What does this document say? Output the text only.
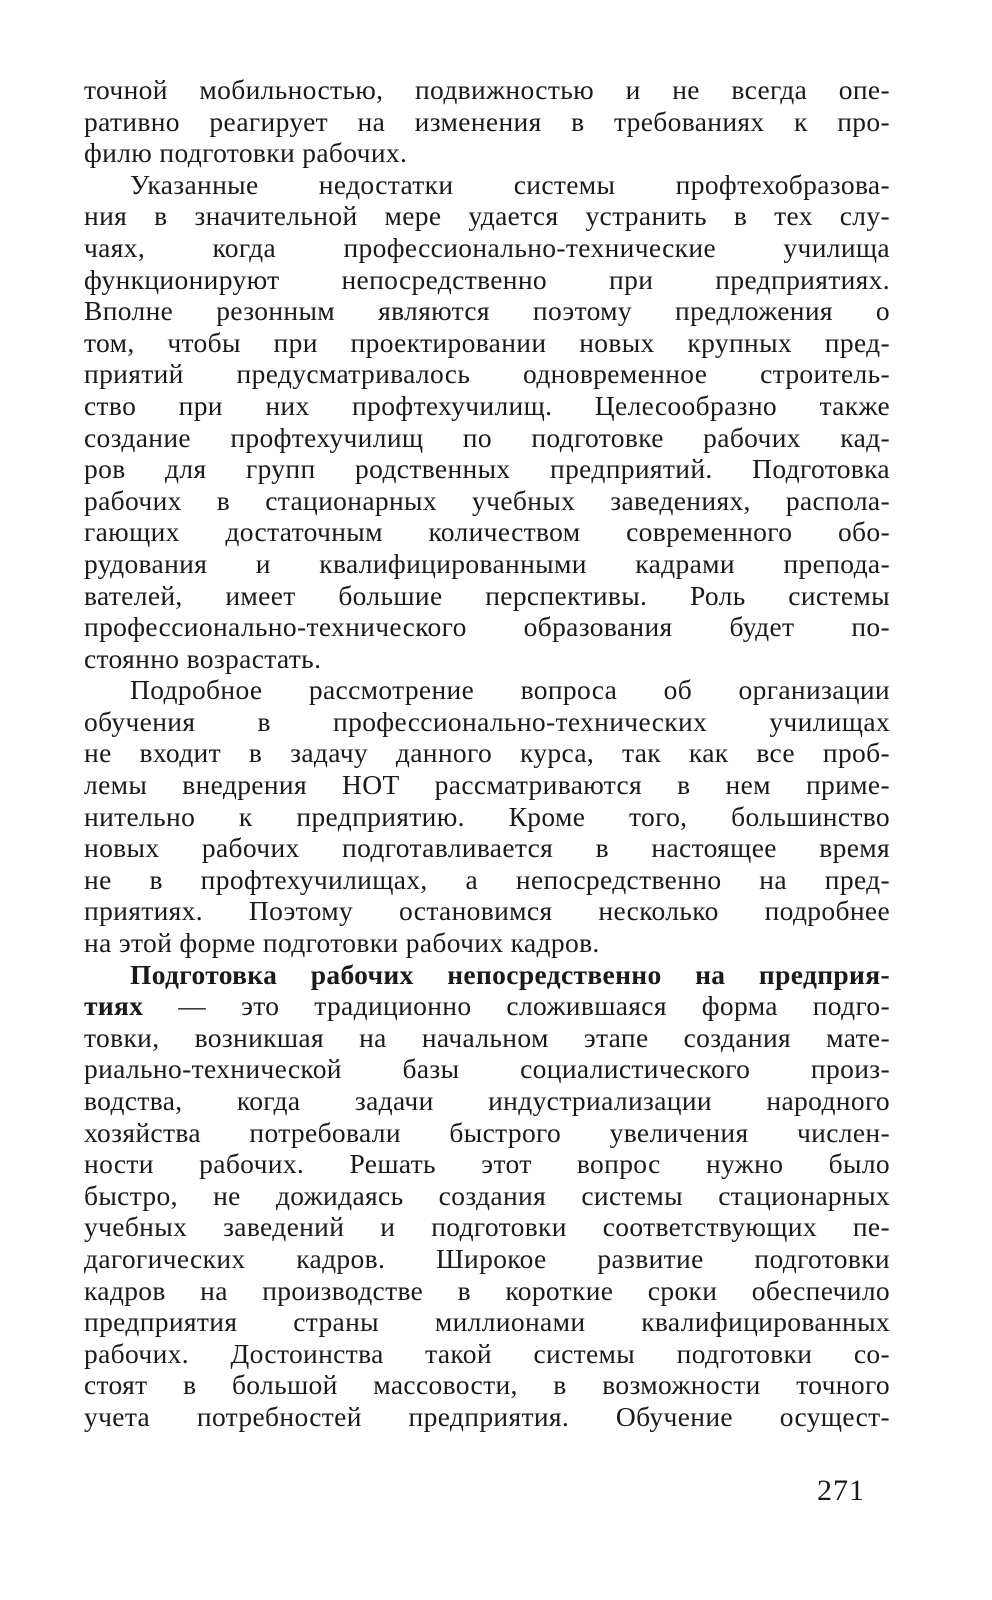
точной мобильностью, подвижностью и не всегда опе-
ративно реагирует на изменения в требованиях к про-
филю подготовки рабочих.
Указанные недостатки системы профтехобразова-
ния в значительной мере удается устранить в тех слу-
чаях, когда профессионально-технические училища
функционируют непосредственно при предприятиях.
Вполне резонным являются поэтому предложения о
том, чтобы при проектировании новых крупных пред-
приятий предусматривалось одновременное строитель-
ство при них профтехучилищ. Целесообразно также
создание профтехучилищ по подготовке рабочих кад-
ров для групп родственных предприятий. Подготовка
рабочих в стационарных учебных заведениях, распола-
гающих достаточным количеством современного обо-
рудования и квалифицированными кадрами препода-
вателей, имеет большие перспективы. Роль системы
профессионально-технического образования будет по-
стоянно возрастать.
Подробное рассмотрение вопроса об организации
обучения в профессионально-технических училищах
не входит в задачу данного курса, так как все проб-
лемы внедрения НОТ рассматриваются в нем приме-
нительно к предприятию. Кроме того, большинство
новых рабочих подготавливается в настоящее время
не в профтехучилищах, а непосредственно на пред-
приятиях. Поэтому остановимся несколько подробнее
на этой форме подготовки рабочих кадров.
Подготовка рабочих непосредственно на предприя-
тиях — это традиционно сложившаяся форма подго-
товки, возникшая на начальном этапе создания мате-
риально-технической базы социалистического произ-
водства, когда задачи индустриализации народного
хозяйства потребовали быстрого увеличения числен-
ности рабочих. Решать этот вопрос нужно было
быстро, не дожидаясь создания системы стационарных
учебных заведений и подготовки соответствующих пе-
дагогических кадров. Широкое развитие подготовки
кадров на производстве в короткие сроки обеспечило
предприятия страны миллионами квалифицированных
рабочих. Достоинства такой системы подготовки со-
стоят в большой массовости, в возможности точного
учета потребностей предприятия. Обучение осущест-
271
